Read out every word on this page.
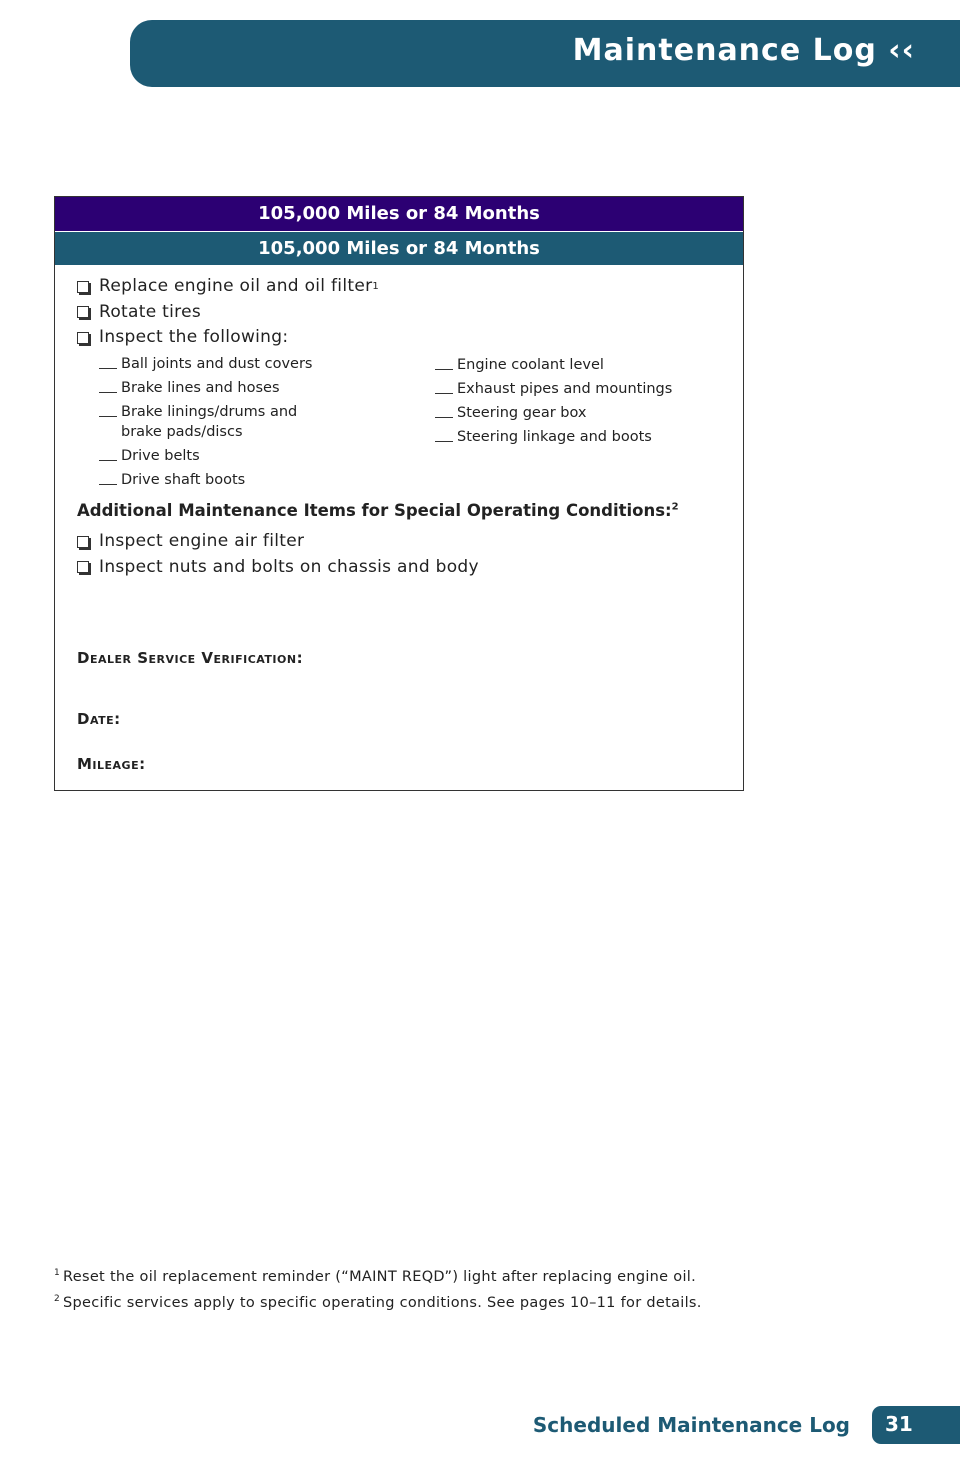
Maintenance Log ‹‹
105,000 Miles or 84 Months
105,000 Miles or 84 Months
Replace engine oil and oil filter 1
Rotate tires
Inspect the following:
Ball joints and dust covers
Brake lines and hoses
Brake linings/drums and
brake pads/discs
Drive belts
Drive shaft boots
Engine coolant level
Exhaust pipes and mountings
Steering gear box
Steering linkage and boots
Additional Maintenance Items for Special Operating Conditions:$^2$
Inspect engine air filter
Inspect nuts and bolts on chassis and body
Dealer Service Verification:
Date:
Mileage:
$^1$ Reset the oil replacement reminder (“MAINT REQD”) light after replacing engine oil.
$^2$ Specific services apply to specific operating conditions. See pages 10–11 for details.
Scheduled Maintenance Log 31
